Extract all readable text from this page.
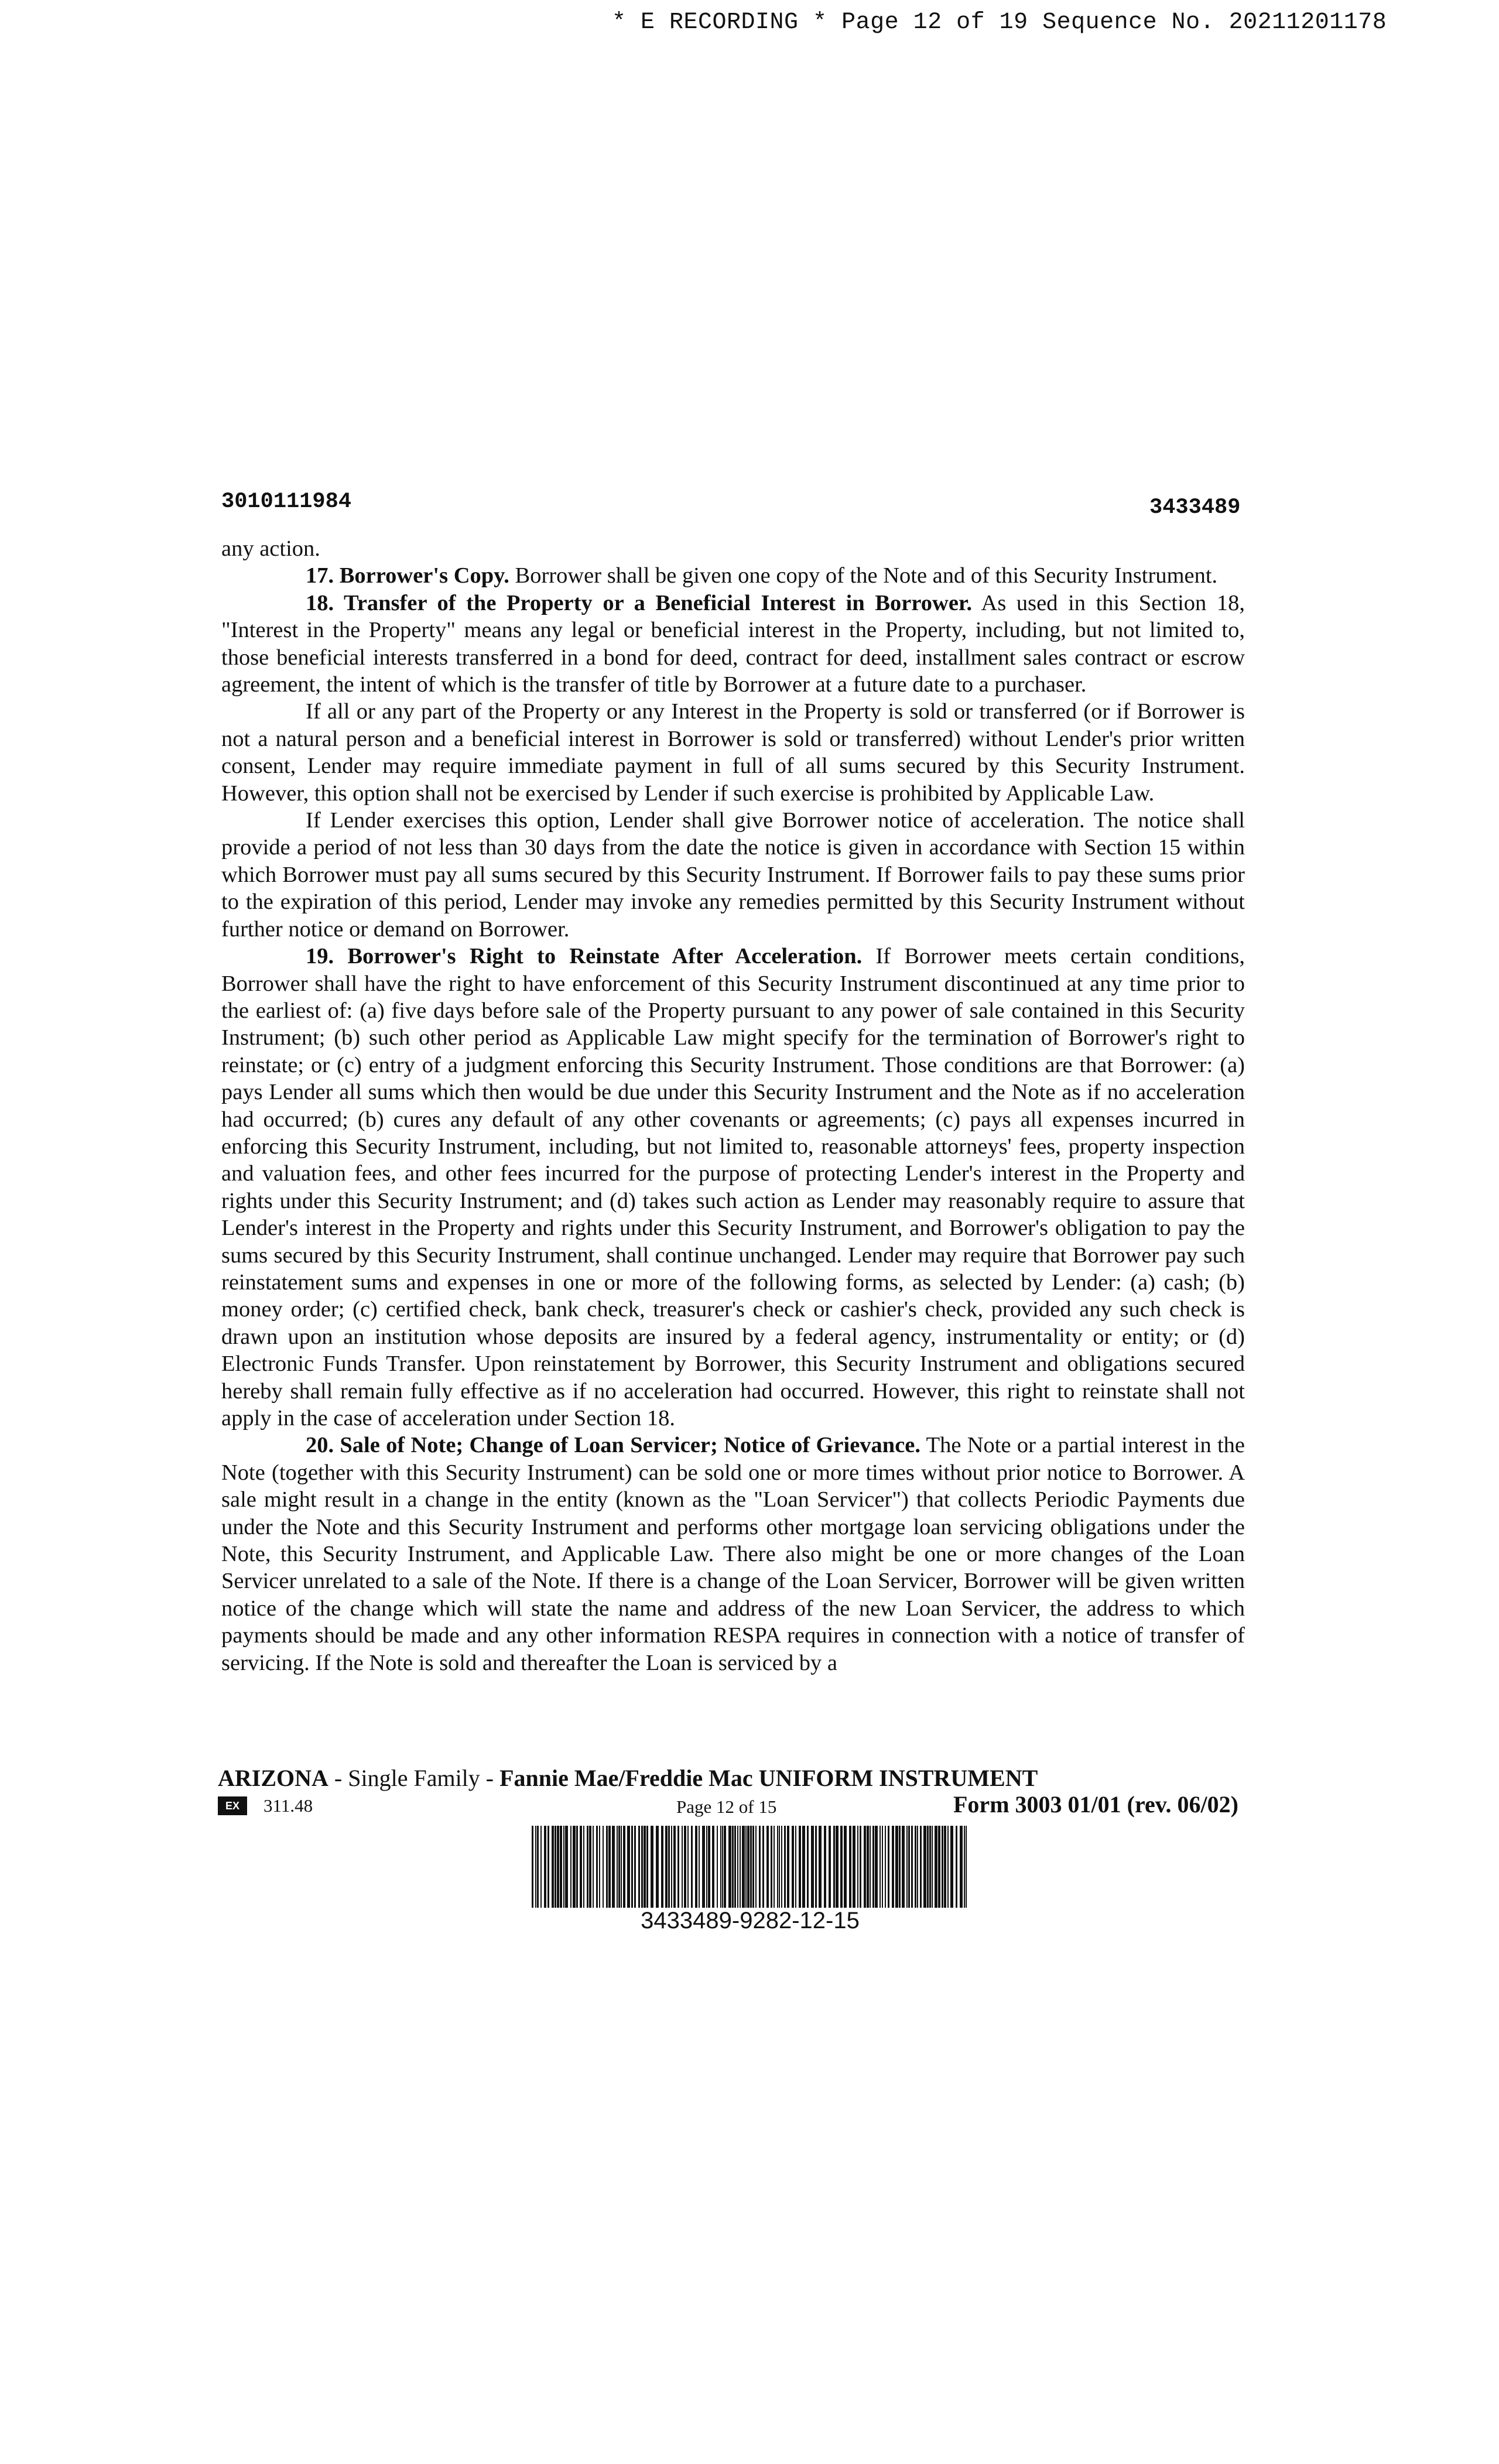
* E RECORDING * Page 12 of 19 Sequence No. 20211201178
3010111984	3433489

any action.

17. Borrower's Copy. Borrower shall be given one copy of the Note and of this Security Instrument.

18. Transfer of the Property or a Beneficial Interest in Borrower. As used in this Section 18, "Interest in the Property" means any legal or beneficial interest in the Property, including, but not limited to, those beneficial interests transferred in a bond for deed, contract for deed, installment sales contract or escrow agreement, the intent of which is the transfer of title by Borrower at a future date to a purchaser.

If all or any part of the Property or any Interest in the Property is sold or transferred (or if Borrower is not a natural person and a beneficial interest in Borrower is sold or transferred) without Lender's prior written consent, Lender may require immediate payment in full of all sums secured by this Security Instrument. However, this option shall not be exercised by Lender if such exercise is prohibited by Applicable Law.

If Lender exercises this option, Lender shall give Borrower notice of acceleration. The notice shall provide a period of not less than 30 days from the date the notice is given in accordance with Section 15 within which Borrower must pay all sums secured by this Security Instrument. If Borrower fails to pay these sums prior to the expiration of this period, Lender may invoke any remedies permitted by this Security Instrument without further notice or demand on Borrower.

19. Borrower's Right to Reinstate After Acceleration. If Borrower meets certain conditions, Borrower shall have the right to have enforcement of this Security Instrument discontinued at any time prior to the earliest of: (a) five days before sale of the Property pursuant to any power of sale contained in this Security Instrument; (b) such other period as Applicable Law might specify for the termination of Borrower's right to reinstate; or (c) entry of a judgment enforcing this Security Instrument. Those conditions are that Borrower: (a) pays Lender all sums which then would be due under this Security Instrument and the Note as if no acceleration had occurred; (b) cures any default of any other covenants or agreements; (c) pays all expenses incurred in enforcing this Security Instrument, including, but not limited to, reasonable attorneys' fees, property inspection and valuation fees, and other fees incurred for the purpose of protecting Lender's interest in the Property and rights under this Security Instrument; and (d) takes such action as Lender may reasonably require to assure that Lender's interest in the Property and rights under this Security Instrument, and Borrower's obligation to pay the sums secured by this Security Instrument, shall continue unchanged. Lender may require that Borrower pay such reinstatement sums and expenses in one or more of the following forms, as selected by Lender: (a) cash; (b) money order; (c) certified check, bank check, treasurer's check or cashier's check, provided any such check is drawn upon an institution whose deposits are insured by a federal agency, instrumentality or entity; or (d) Electronic Funds Transfer. Upon reinstatement by Borrower, this Security Instrument and obligations secured hereby shall remain fully effective as if no acceleration had occurred. However, this right to reinstate shall not apply in the case of acceleration under Section 18.

20. Sale of Note; Change of Loan Servicer; Notice of Grievance. The Note or a partial interest in the Note (together with this Security Instrument) can be sold one or more times without prior notice to Borrower. A sale might result in a change in the entity (known as the "Loan Servicer") that collects Periodic Payments due under the Note and this Security Instrument and performs other mortgage loan servicing obligations under the Note, this Security Instrument, and Applicable Law. There also might be one or more changes of the Loan Servicer unrelated to a sale of the Note. If there is a change of the Loan Servicer, Borrower will be given written notice of the change which will state the name and address of the new Loan Servicer, the address to which payments should be made and any other information RESPA requires in connection with a notice of transfer of servicing. If the Note is sold and thereafter the Loan is serviced by a

ARIZONA - Single Family - Fannie Mae/Freddie Mac UNIFORM INSTRUMENT
EX	311.48	Page 12 of 15	Form 3003 01/01 (rev. 06/02)
3433489-9282-12-15
